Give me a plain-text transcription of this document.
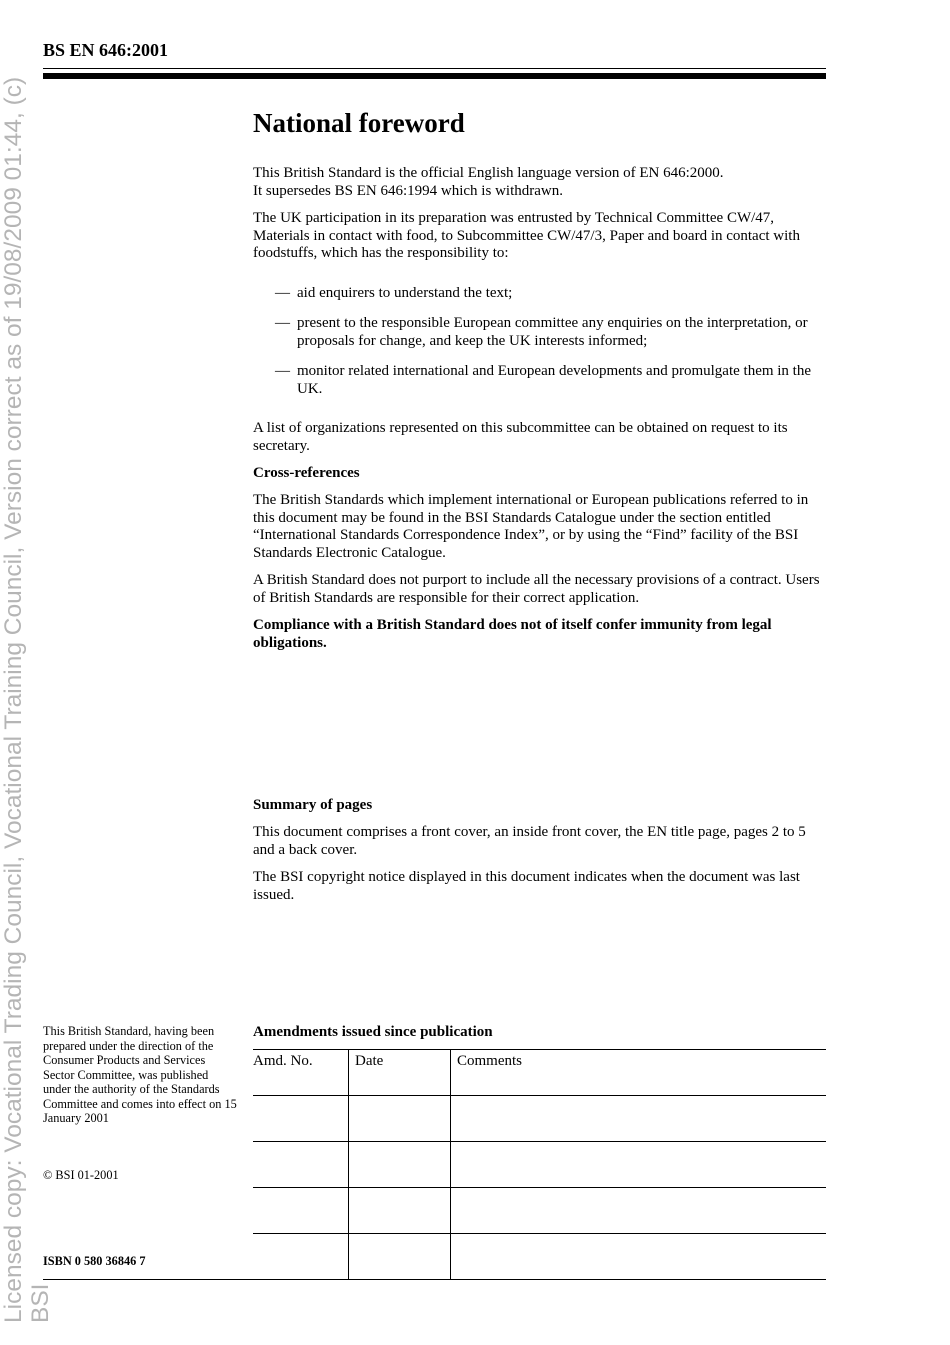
Licensed copy: Vocational Trading Council, Vocational Training Council, Version correct as of 19/08/2009 01:44, (c) BSI
BS EN 646:2001
National foreword

This British Standard is the official English language version of EN 646:2000.

It supersedes BS EN 646:1994 which is withdrawn.

The UK participation in its preparation was entrusted by Technical Committee CW/47, Materials in contact with food, to Subcommittee CW/47/3, Paper and board in contact with foodstuffs, which has the responsibility to:

— aid enquirers to understand the text;
— present to the responsible European committee any enquiries on the interpretation, or proposals for change, and keep the UK interests informed;
— monitor related international and European developments and promulgate them in the UK.

A list of organizations represented on this subcommittee can be obtained on request to its secretary.

Cross-references

The British Standards which implement international or European publications referred to in this document may be found in the BSI Standards Catalogue under the section entitled “International Standards Correspondence Index”, or by using the “Find” facility of the BSI Standards Electronic Catalogue.

A British Standard does not purport to include all the necessary provisions of a contract. Users of British Standards are responsible for their correct application.

Compliance with a British Standard does not of itself confer immunity from legal obligations.

Summary of pages

This document comprises a front cover, an inside front cover, the EN title page, pages 2 to 5 and a back cover.

The BSI copyright notice displayed in this document indicates when the document was last issued.

This British Standard, having been prepared under the direction of the Consumer Products and Services Sector Committee, was published under the authority of the Standards Committee and comes into effect on 15 January 2001
© BSI 01-2001
ISBN 0 580 36846 7
Amendments issued since publication
Amd. No.	Date	Comments
